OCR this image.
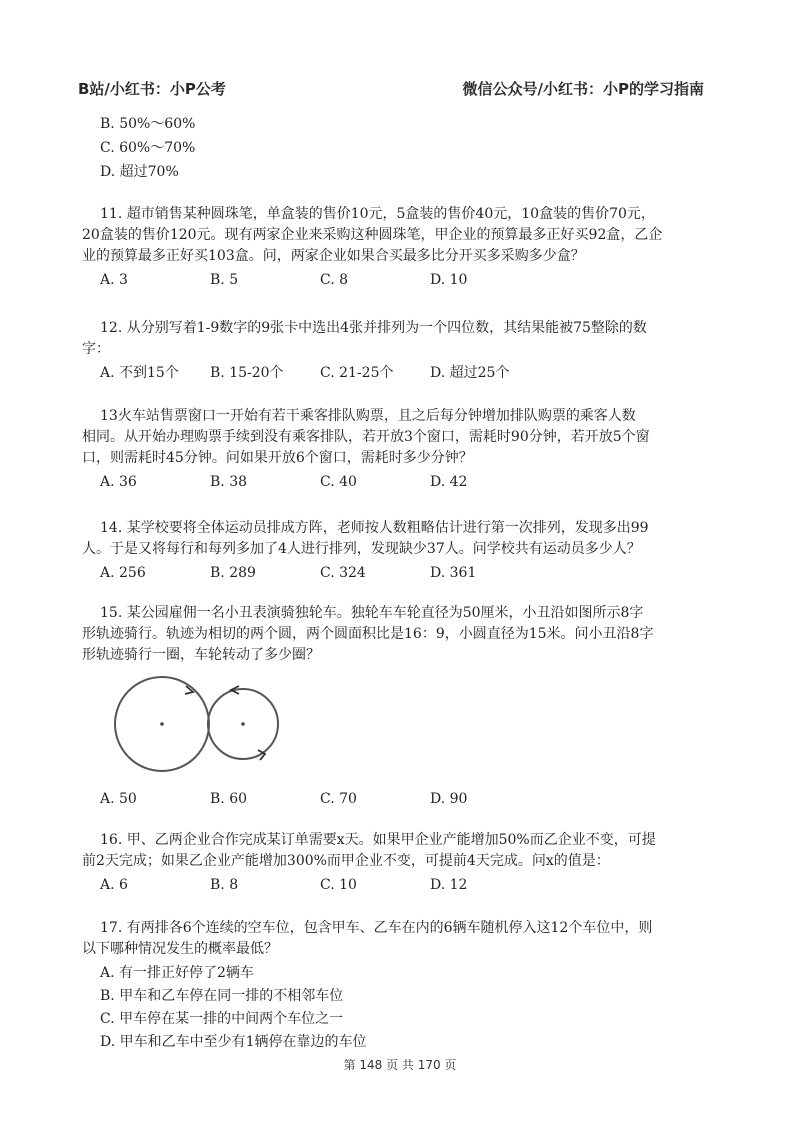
B站/小红书：小P公考	微信公众号/小红书：小P的学习指南
B. 50%～60%
C. 60%～70%
D. 超过70%
11. 超市销售某种圆珠笔，单盒装的售价10元，5盒装的售价40元，10盒装的售价70元，
20盒装的售价120元。现有两家企业来采购这种圆珠笔，甲企业的预算最多正好买92盒，乙企
业的预算最多正好买103盒。问，两家企业如果合买最多比分开买多采购多少盒？
A. 3	B. 5	C. 8	D. 10
12. 从分别写着1-9数字的9张卡中选出4张并排列为一个四位数，其结果能被75整除的数
字：
A. 不到15个	B. 15-20个	C. 21-25个	D. 超过25个
13火车站售票窗口一开始有若干乘客排队购票，且之后每分钟增加排队购票的乘客人数
相同。从开始办理购票手续到没有乘客排队，若开放3个窗口，需耗时90分钟，若开放5个窗
口，则需耗时45分钟。问如果开放6个窗口，需耗时多少分钟？
A. 36	B. 38	C. 40	D. 42
14. 某学校要将全体运动员排成方阵，老师按人数粗略估计进行第一次排列，发现多出99
人。于是又将每行和每列多加了4人进行排列，发现缺少37人。问学校共有运动员多少人？
A. 256	B. 289	C. 324	D. 361
15. 某公园雇佣一名小丑表演骑独轮车。独轮车车轮直径为50厘米，小丑沿如图所示8字
形轨迹骑行。轨迹为相切的两个圆，两个圆面积比是16：9，小圆直径为15米。问小丑沿8字
形轨迹骑行一圈，车轮转动了多少圈？
A. 50	B. 60	C. 70	D. 90
16. 甲、乙两企业合作完成某订单需要x天。如果甲企业产能增加50%而乙企业不变，可提
前2天完成；如果乙企业产能增加300%而甲企业不变，可提前4天完成。问x的值是：
A. 6	B. 8	C. 10	D. 12
17. 有两排各6个连续的空车位，包含甲车、乙车在内的6辆车随机停入这12个车位中，则
以下哪种情况发生的概率最低？
A. 有一排正好停了2辆车
B. 甲车和乙车停在同一排的不相邻车位
C. 甲车停在某一排的中间两个车位之一
D. 甲车和乙车中至少有1辆停在靠边的车位
第 148 页 共 170 页
